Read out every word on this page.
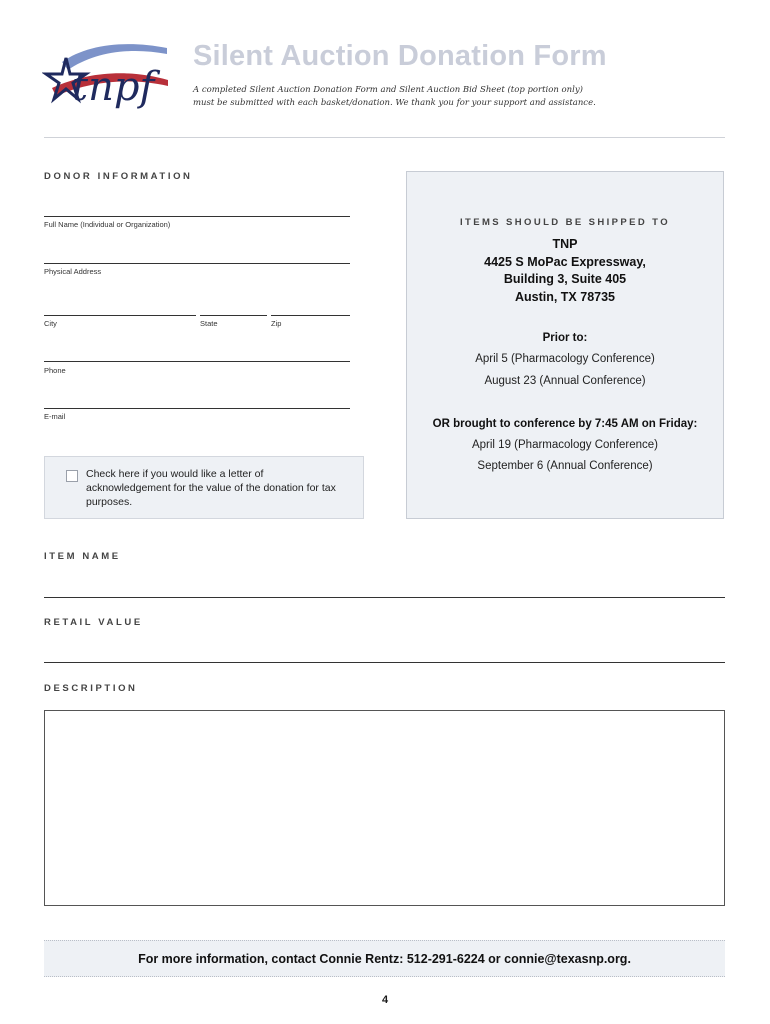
tnpf
Silent Auction Donation Form
A completed Silent Auction Donation Form and Silent Auction Bid Sheet (top portion only)
must be submitted with each basket/donation. We thank you for your support and assistance.
DONOR INFORMATION
Full Name (Individual or Organization)
Physical Address
City	State	Zip
Phone
E-mail
Check here if you would like a letter of acknowledgement for the value of the donation for tax purposes.
ITEMS SHOULD BE SHIPPED TO
TNP
4425 S MoPac Expressway,
Building 3, Suite 405
Austin, TX 78735
Prior to:
April 5 (Pharmacology Conference)
August 23 (Annual Conference)
OR brought to conference by 7:45 AM on Friday:
April 19 (Pharmacology Conference)
September 6 (Annual Conference)
ITEM NAME
RETAIL VALUE
DESCRIPTION
For more information, contact Connie Rentz: 512-291-6224 or connie@texasnp.org.
4
